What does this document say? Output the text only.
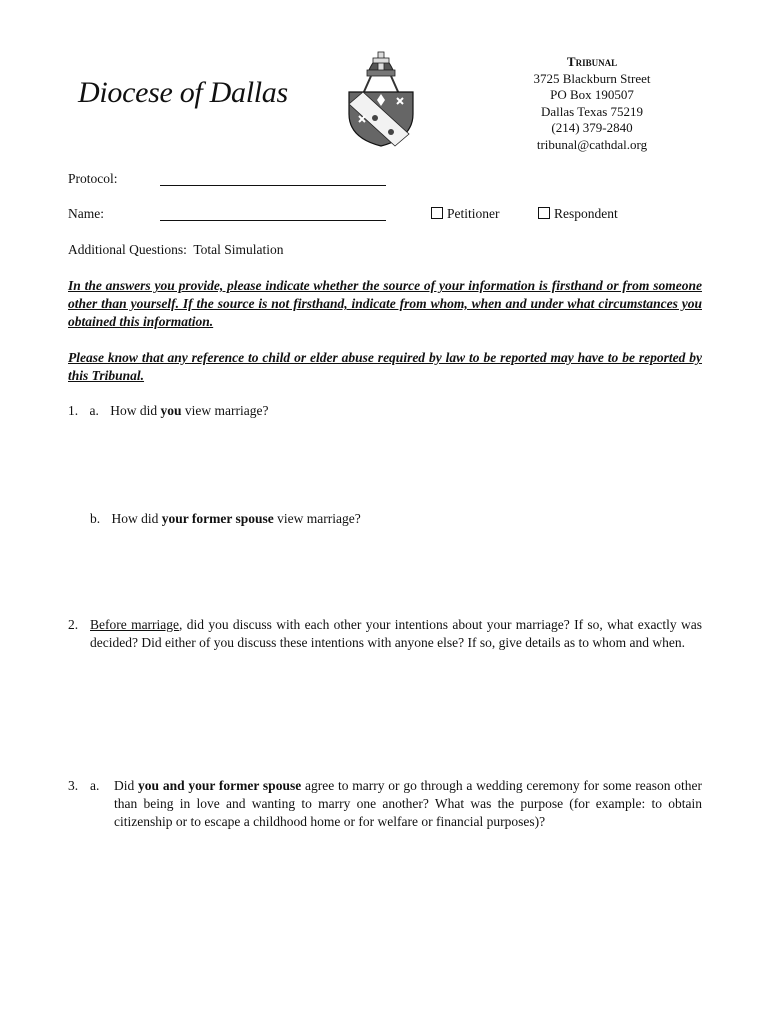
Diocese of Dallas
Tribunal
3725 Blackburn Street
PO Box 190507
Dallas Texas 75219
(214) 379-2840
tribunal@cathdal.org
Protocol:
Name:	Petitioner	Respondent
Additional Questions:  Total Simulation
In the answers you provide, please indicate whether the source of your information is firsthand or from someone other than yourself. If the source is not firsthand, indicate from whom, when and under what circumstances you obtained this information.
Please know that any reference to child or elder abuse required by law to be reported may have to be reported by this Tribunal.
1. a. How did you view marriage?
b. How did your former spouse view marriage?
2. Before marriage, did you discuss with each other your intentions about your marriage? If so, what exactly was decided? Did either of you discuss these intentions with anyone else? If so, give details as to whom and when.
3. a. Did you and your former spouse agree to marry or go through a wedding ceremony for some reason other than being in love and wanting to marry one another? What was the purpose (for example: to obtain citizenship or to escape a childhood home or for welfare or financial purposes)?
